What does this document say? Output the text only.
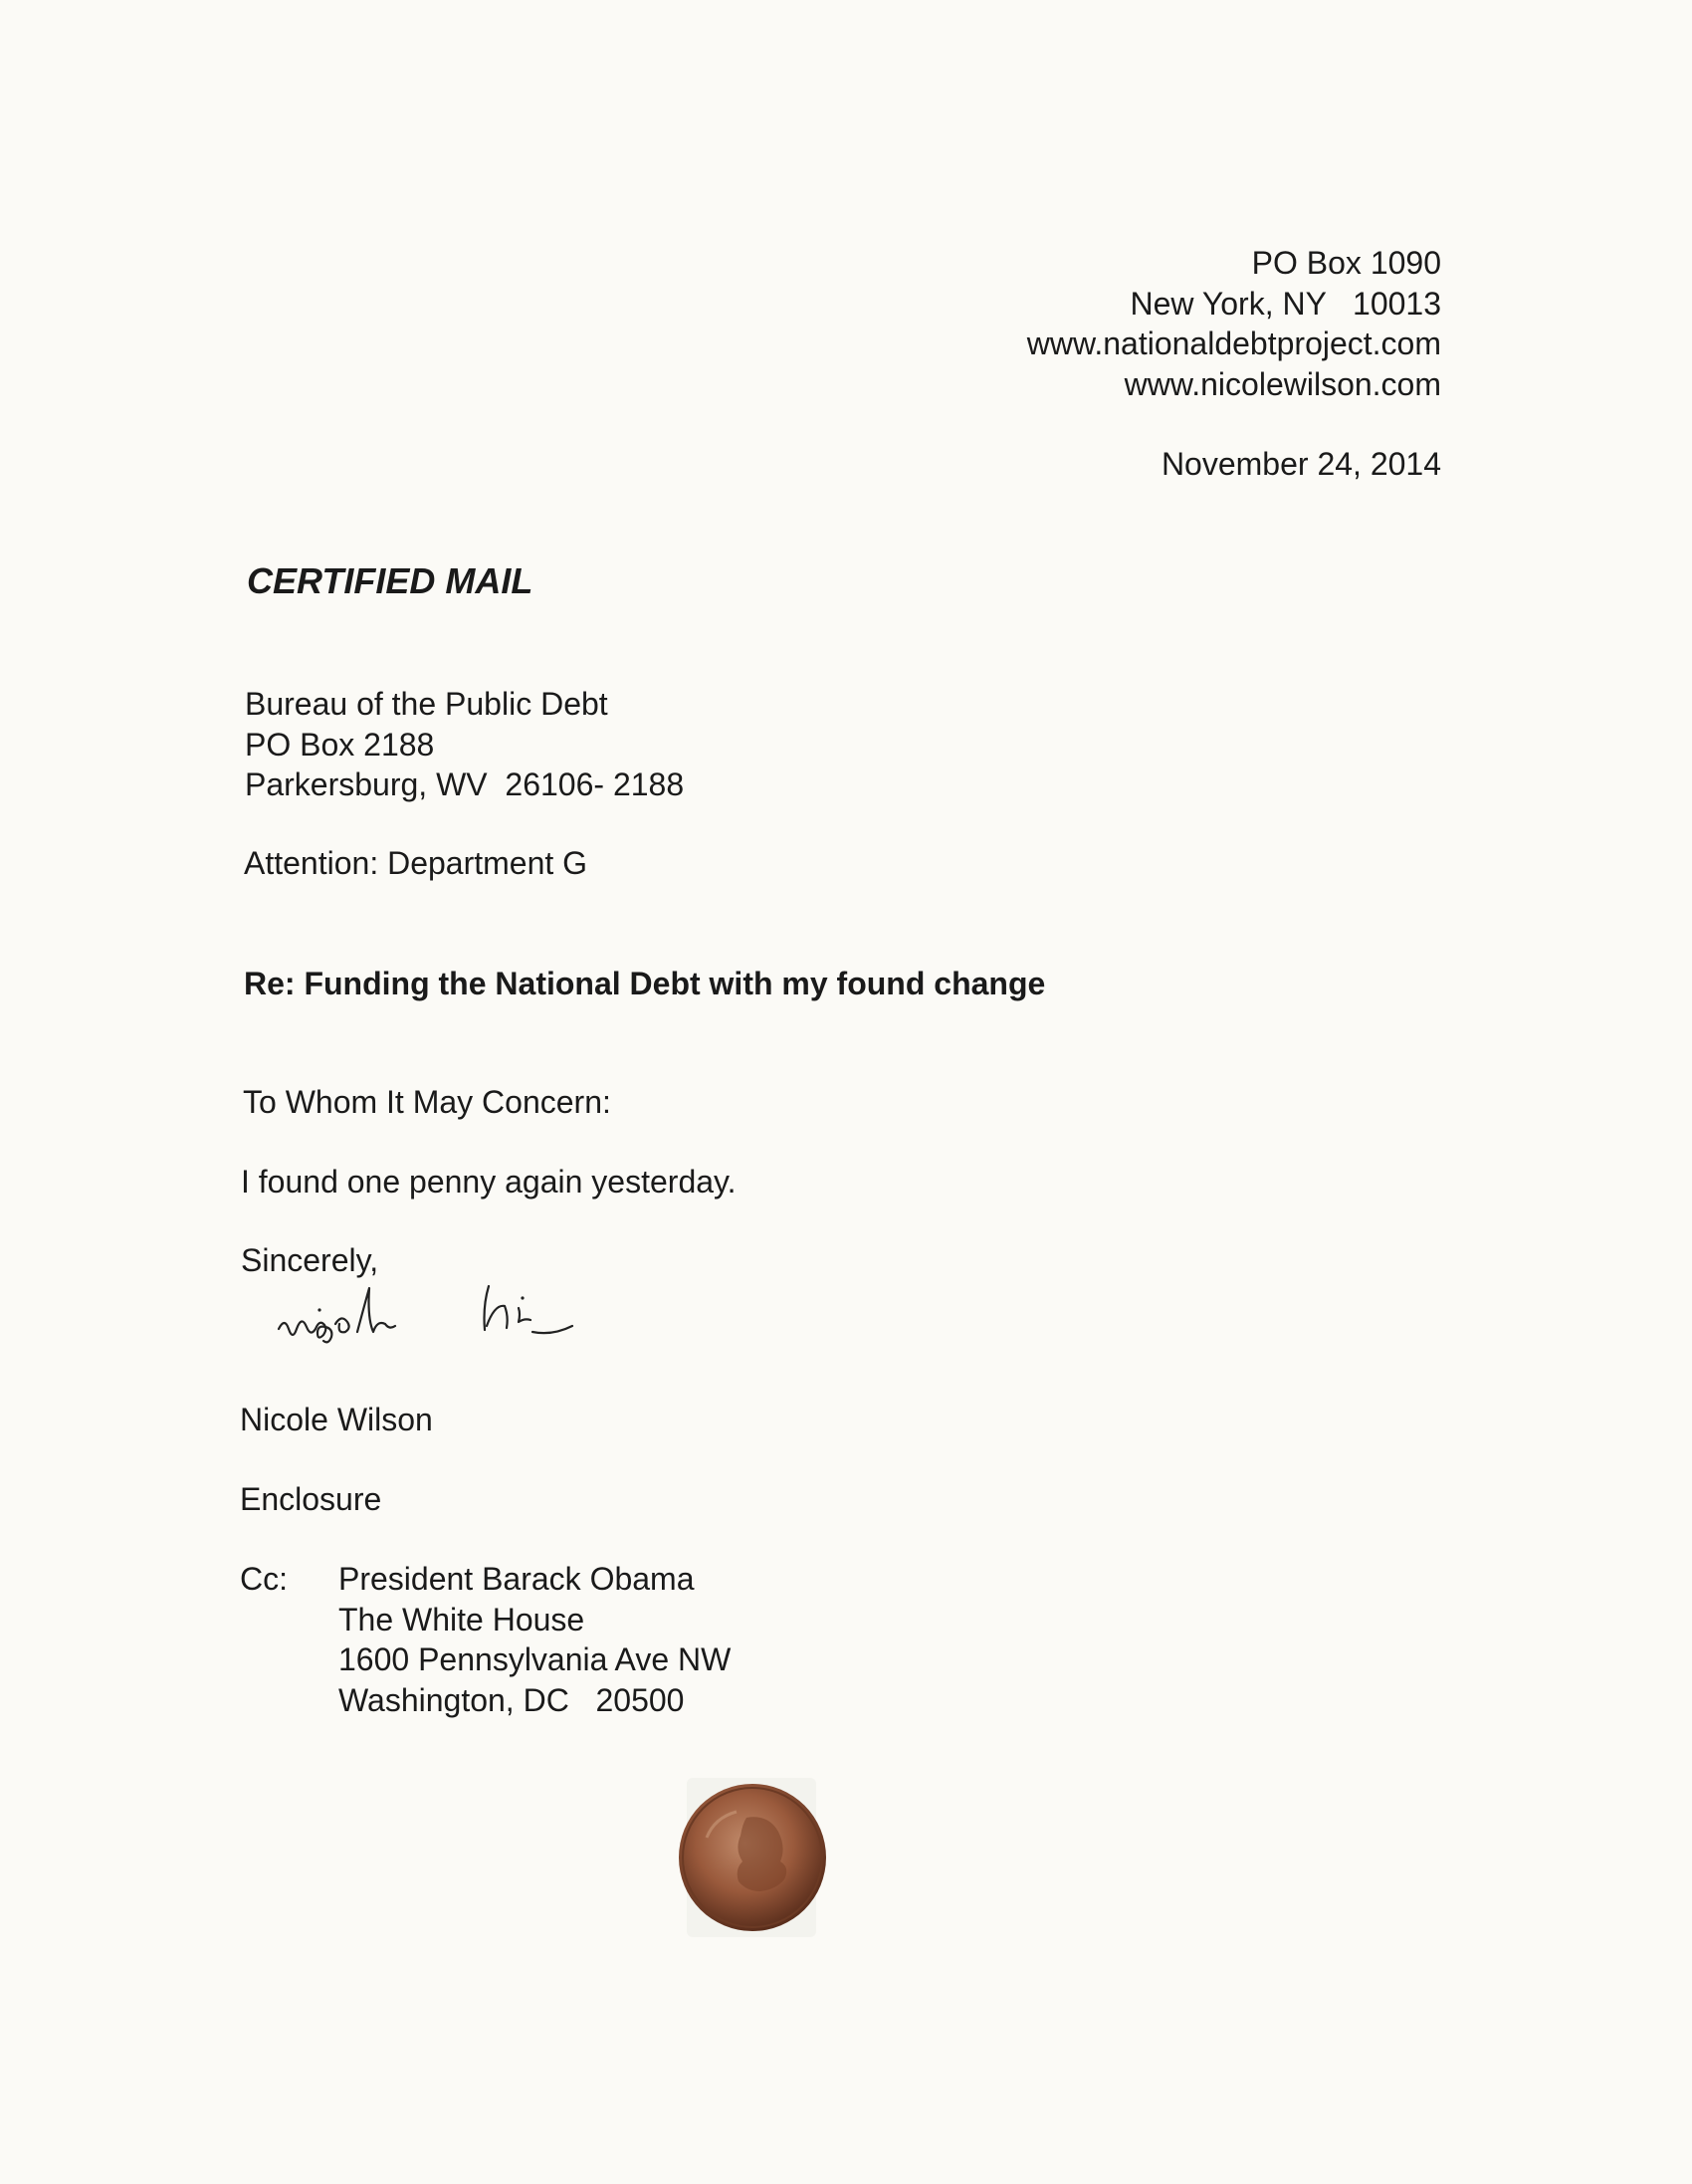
PO Box 1090
New York, NY   10013
www.nationaldebtproject.com
www.nicolewilson.com
November 24, 2014
CERTIFIED MAIL
Bureau of the Public Debt
PO Box 2188
Parkersburg, WV  26106- 2188
Attention: Department G
Re: Funding the National Debt with my found change
To Whom It May Concern:
I found one penny again yesterday.
Sincerely,
Nicole Wilson
Enclosure
Cc: President Barack Obama
The White House
1600 Pennsylvania Ave NW
Washington, DC   20500
